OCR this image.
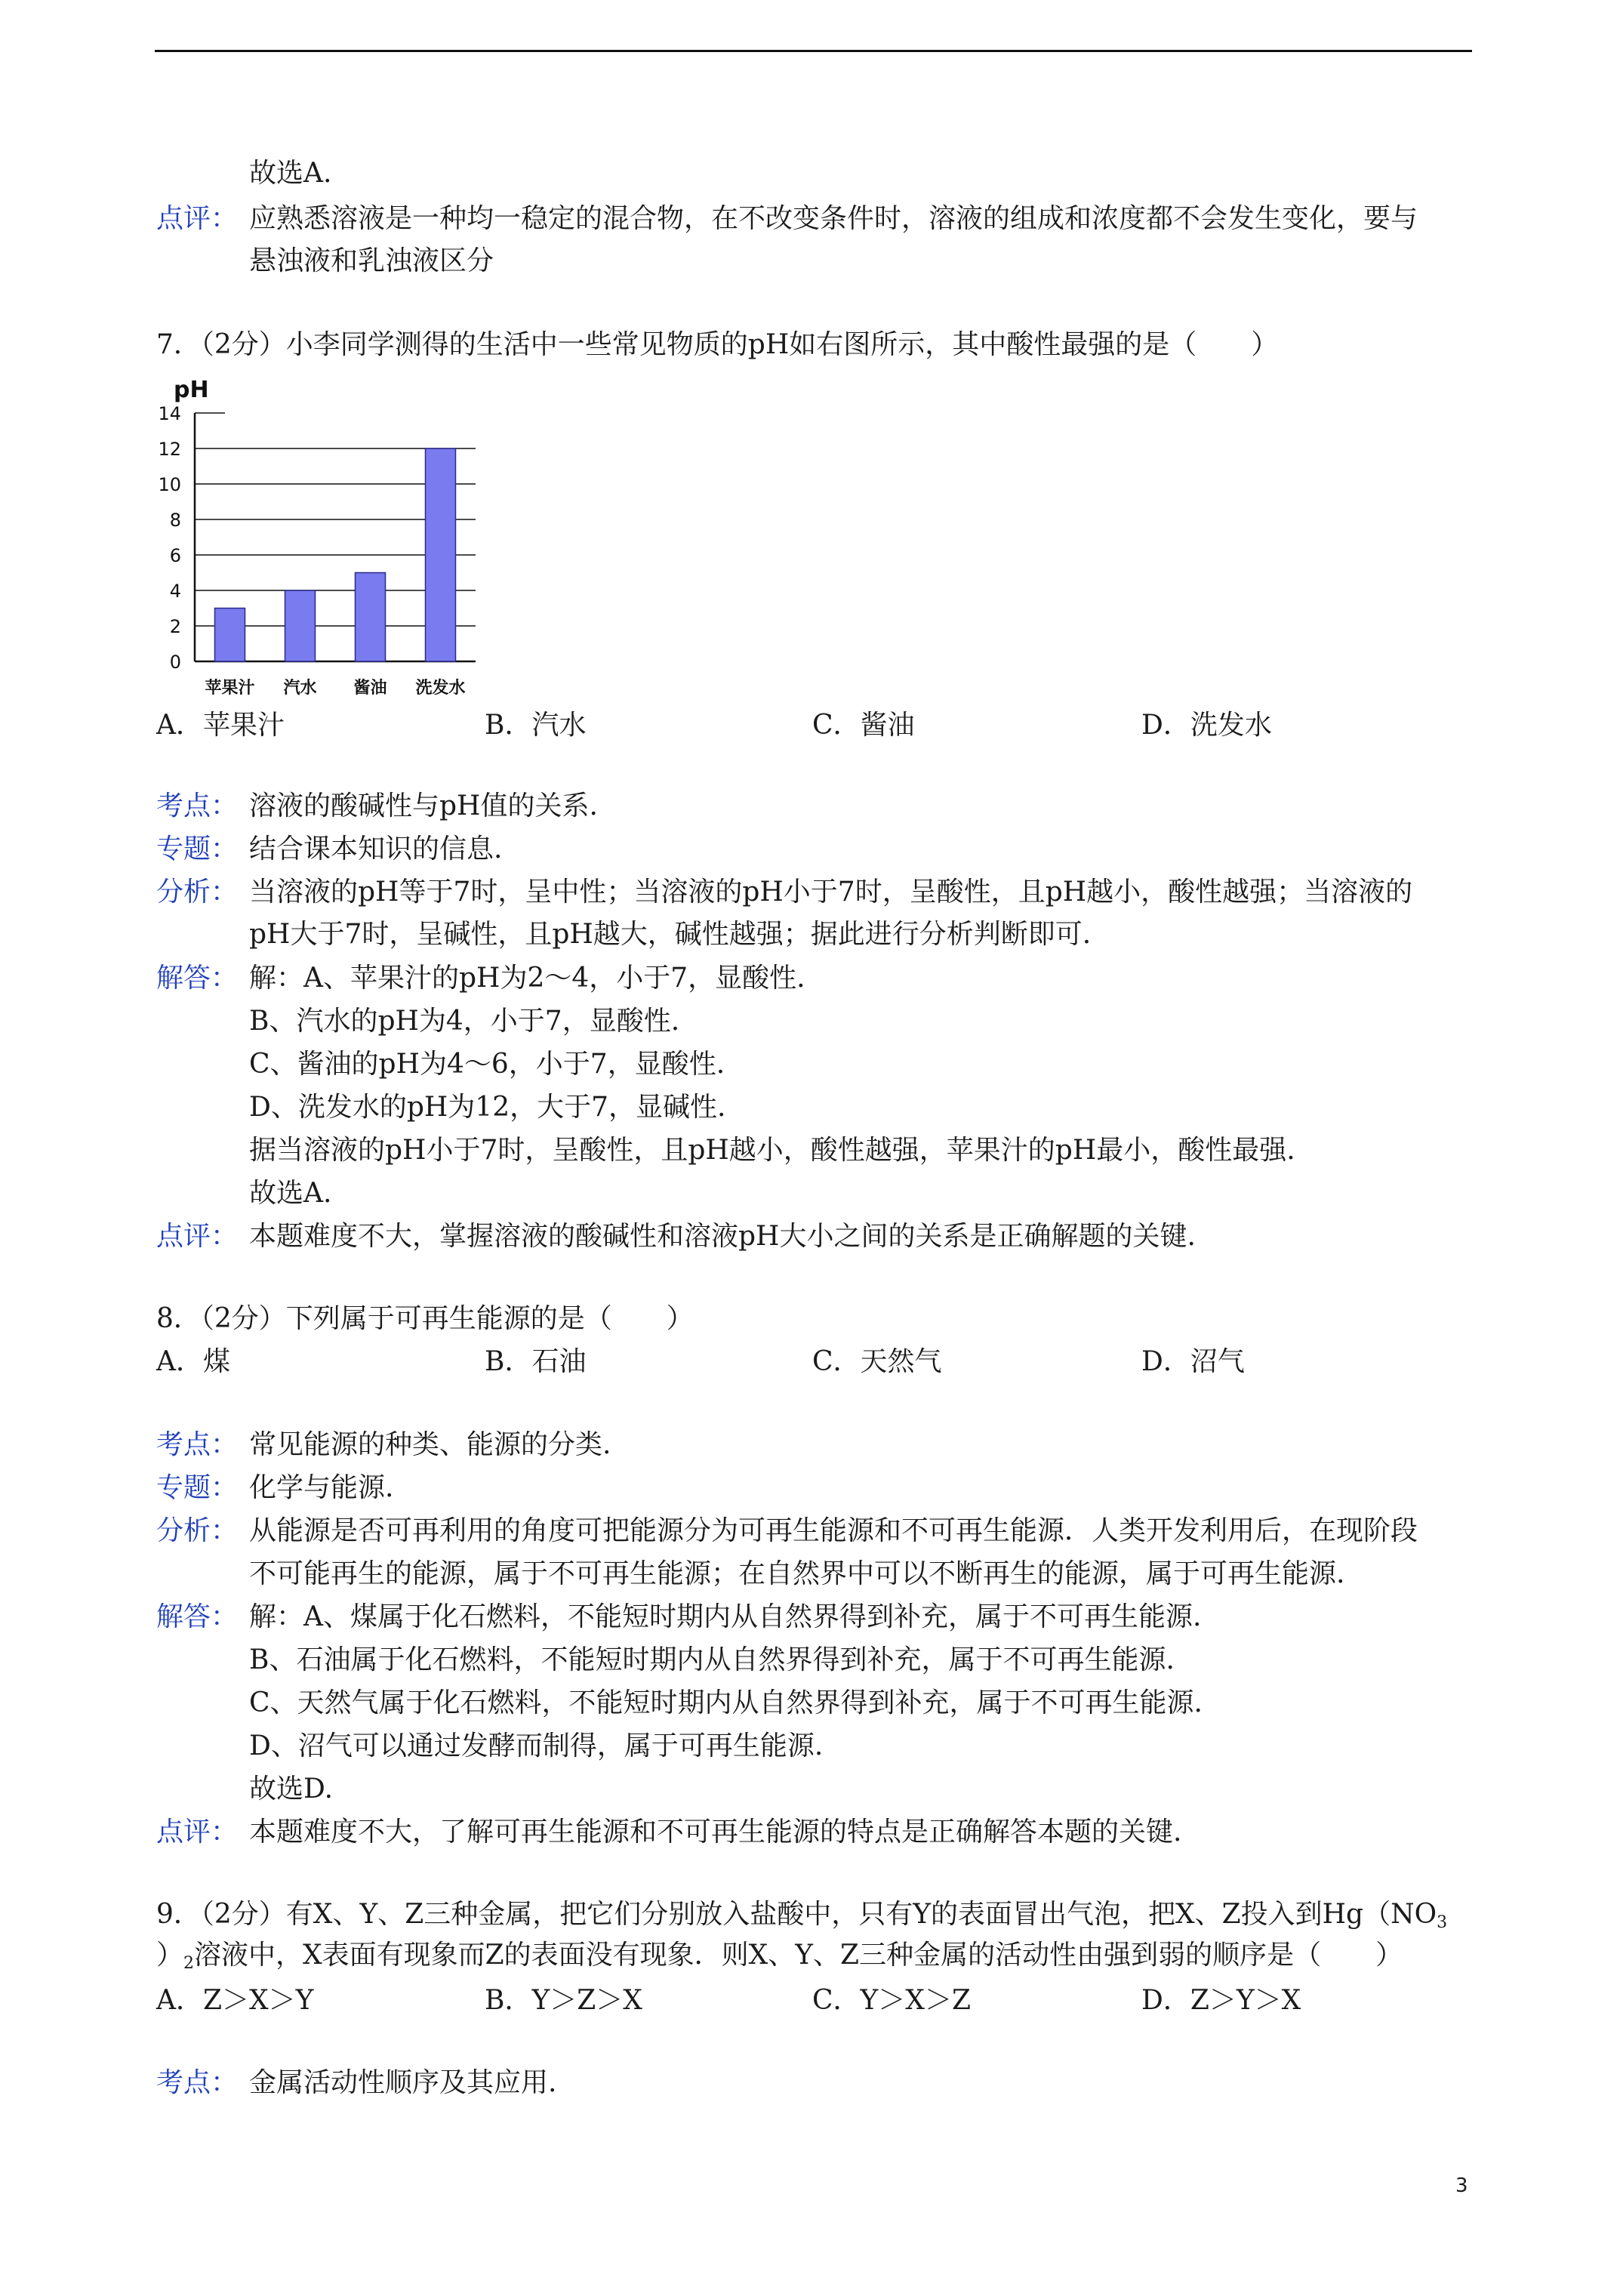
故选A.
点评： 应熟悉溶液是一种均一稳定的混合物，在不改变条件时，溶液的组成和浓度都不会发生变化，要与
悬浊液和乳浊液区分
7．（2分）小李同学测得的生活中一些常见物质的pH如右图所示，其中酸性最强的是（　　）
pH
14
12
10
8
6
4
2
0
苹果汁 汽水 酱油 洗发水
A．苹果汁	B．汽水	C．酱油	D．洗发水
考点： 溶液的酸碱性与pH值的关系.
专题： 结合课本知识的信息.
分析： 当溶液的pH等于7时，呈中性；当溶液的pH小于7时，呈酸性，且pH越小，酸性越强；当溶液的
pH大于7时，呈碱性，且pH越大，碱性越强；据此进行分析判断即可.
解答： 解：A、苹果汁的pH为2～4，小于7，显酸性.
B、汽水的pH为4，小于7，显酸性.
C、酱油的pH为4～6，小于7，显酸性.
D、洗发水的pH为12，大于7，显碱性.
据当溶液的pH小于7时，呈酸性，且pH越小，酸性越强，苹果汁的pH最小，酸性最强.
故选A.
点评： 本题难度不大，掌握溶液的酸碱性和溶液pH大小之间的关系是正确解题的关键.
8．（2分）下列属于可再生能源的是（　　）
A．煤	B．石油	C．天然气	D．沼气
考点： 常见能源的种类、能源的分类.
专题： 化学与能源.
分析： 从能源是否可再利用的角度可把能源分为可再生能源和不可再生能源．人类开发利用后，在现阶段
不可能再生的能源，属于不可再生能源；在自然界中可以不断再生的能源，属于可再生能源.
解答： 解：A、煤属于化石燃料，不能短时期内从自然界得到补充，属于不可再生能源.
B、石油属于化石燃料，不能短时期内从自然界得到补充，属于不可再生能源.
C、天然气属于化石燃料，不能短时期内从自然界得到补充，属于不可再生能源.
D、沼气可以通过发酵而制得，属于可再生能源.
故选D.
点评： 本题难度不大，了解可再生能源和不可再生能源的特点是正确解答本题的关键.
9．（2分）有X、Y、Z三种金属，把它们分别放入盐酸中，只有Y的表面冒出气泡，把X、Z投入到$Hg(NO_3$
）$_2$溶液中，X表面有现象而Z的表面没有现象．则X、Y、Z三种金属的活动性由强到弱的顺序是（　　）
A．Z＞X＞Y	B．Y＞Z＞X	C．Y＞X＞Z	D．Z＞Y＞X
考点： 金属活动性顺序及其应用.
3
